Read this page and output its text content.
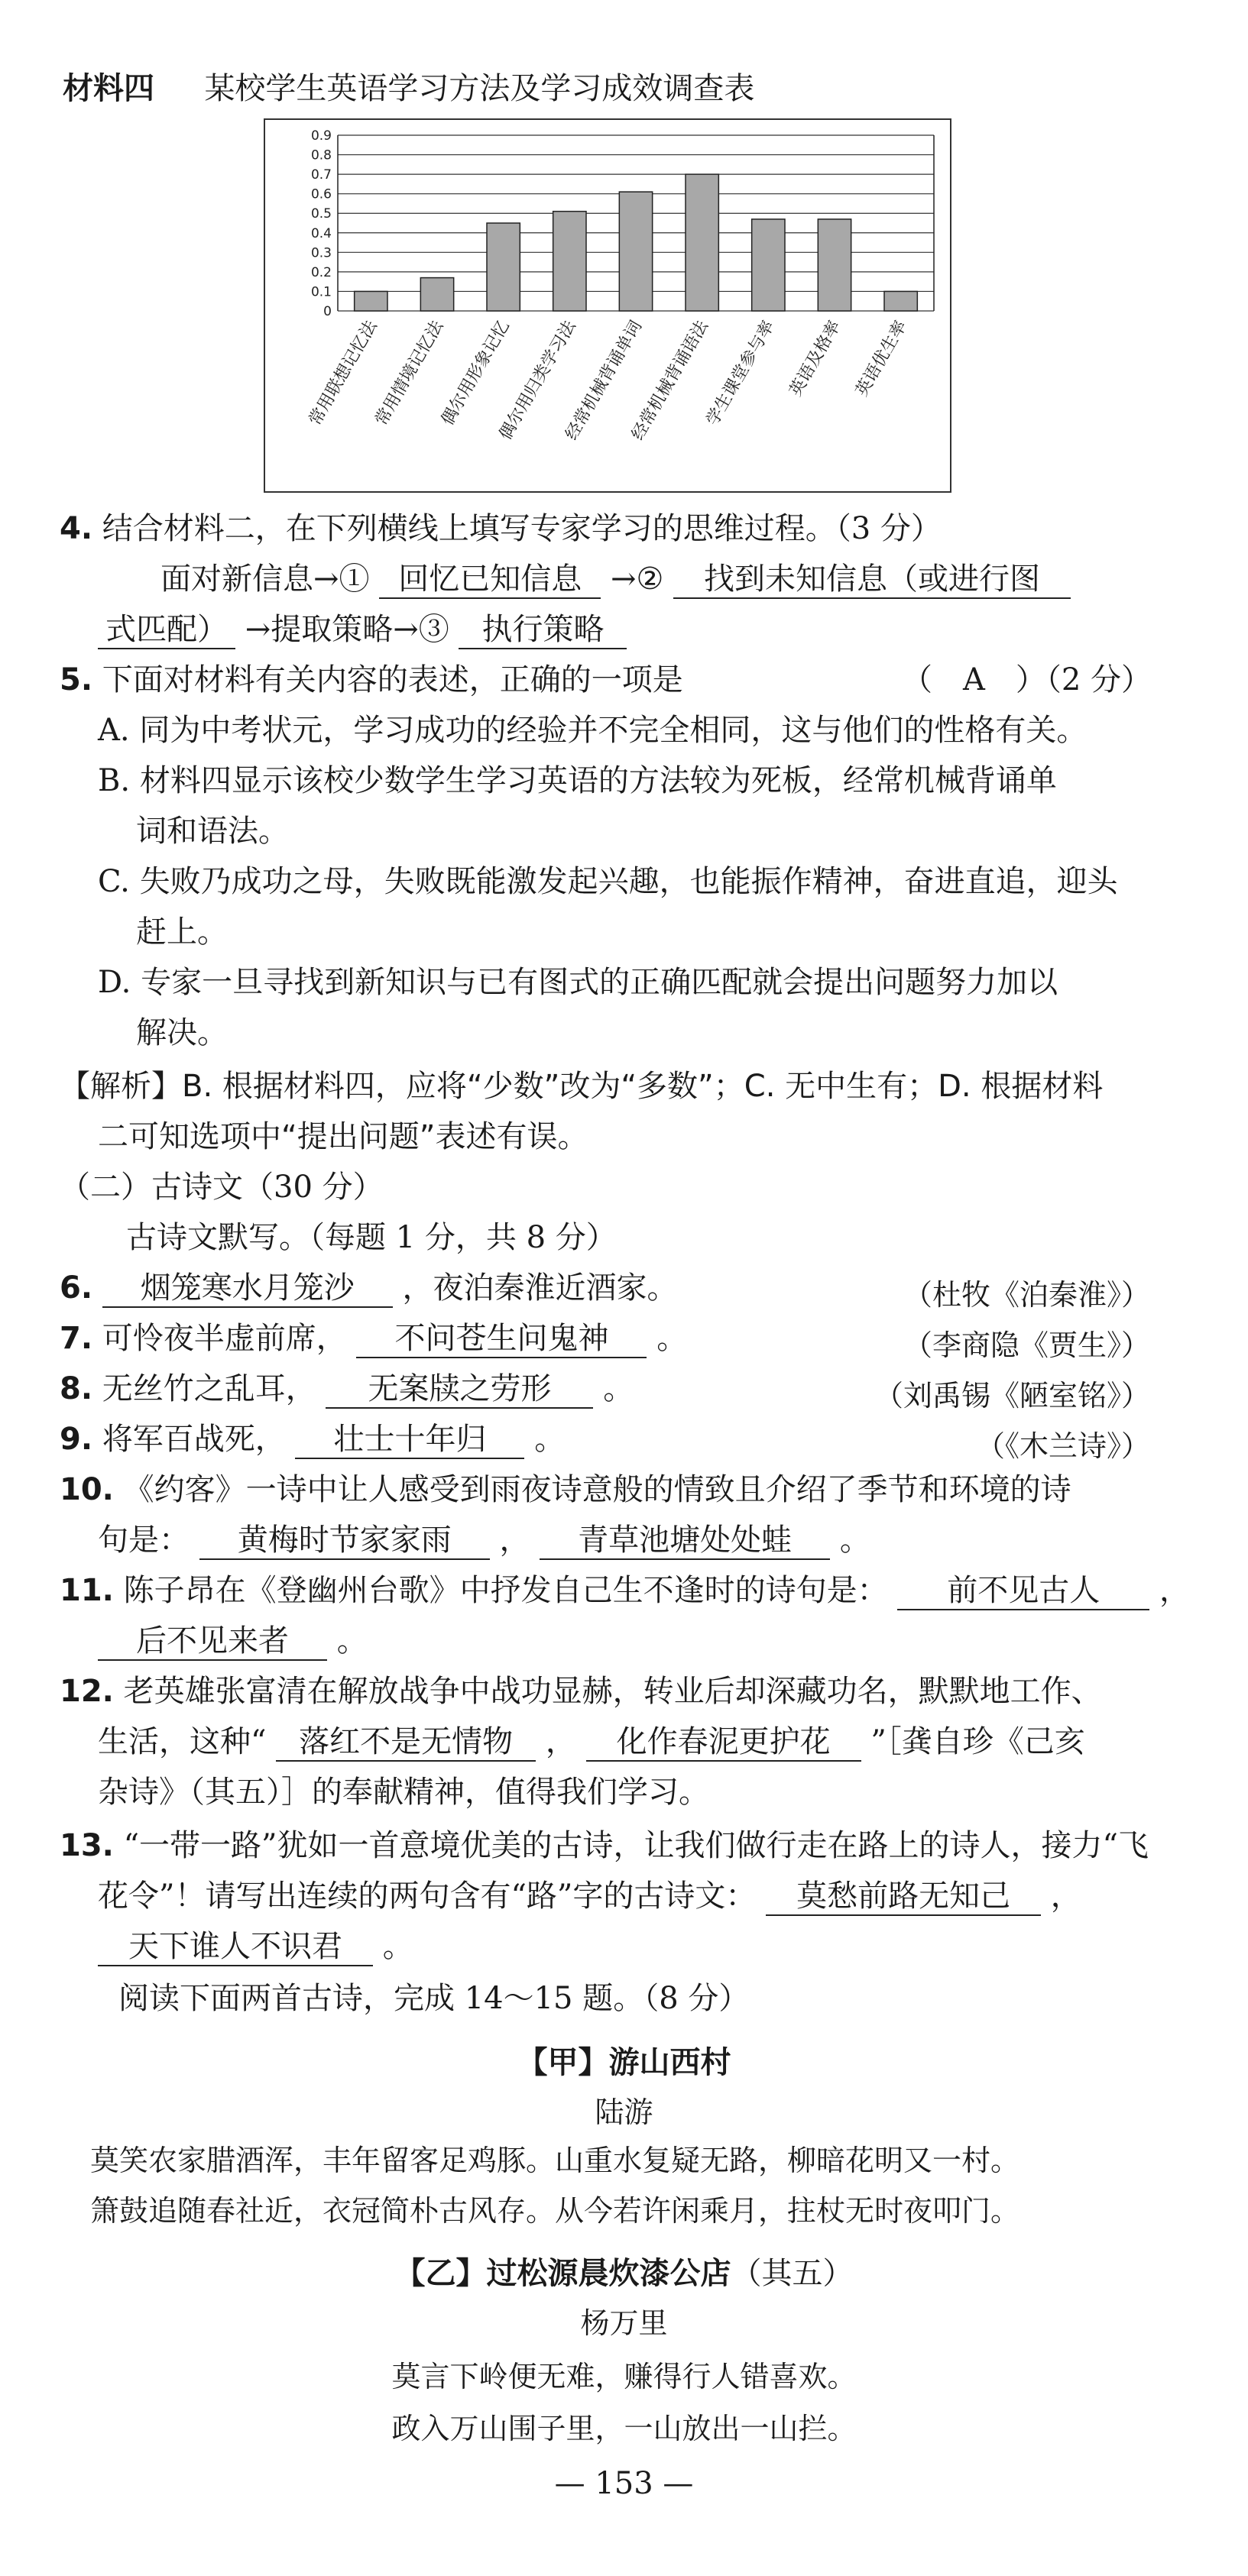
材料四 某校学生英语学习方法及学习成效调查表
0
0.1
0.2
0.3
0.4
0.5
0.6
0.7
0.8
0.9
常用联想记忆法
常用情境记忆法
偶尔用形象记忆
偶尔用归类学习法
经常机械背诵单词
经常机械背诵语法
学生课堂参与率 英语及格率 英语优生率
4. 结合材料二，在下列横线上填写专家学习的思维过程。（3 分）
面对新信息→① 回忆已知信息 →② 找到未知信息（或进行图
式匹配） →提取策略→③ 执行策略
5. 下面对材料有关内容的表述，正确的一项是	（　A　）（2 分）
A. 同为中考状元，学习成功的经验并不完全相同，这与他们的性格有关。
B. 材料四显示该校少数学生学习英语的方法较为死板，经常机械背诵单
词和语法。
C. 失败乃成功之母，失败既能激发起兴趣，也能振作精神，奋进直追，迎头
赶上。
D. 专家一旦寻找到新知识与已有图式的正确匹配就会提出问题努力加以
解决。
【解析】B. 根据材料四，应将“少数”改为“多数”；C. 无中生有；D. 根据材料
二可知选项中“提出问题”表述有误。
（二）古诗文（30 分）
古诗文默写。（每题 1 分，共 8 分）
6. 烟笼寒水月笼沙 ，夜泊秦淮近酒家。	（杜牧《泊秦淮》）
7. 可怜夜半虚前席， 不问苍生问鬼神 。	（李商隐《贾生》）
8. 无丝竹之乱耳， 无案牍之劳形 。	（刘禹锡《陋室铭》）
9. 将军百战死， 壮士十年归 。	（《木兰诗》）
10. 《约客》一诗中让人感受到雨夜诗意般的情致且介绍了季节和环境的诗
句是： 黄梅时节家家雨 ， 青草池塘处处蛙 。
11. 陈子昂在《登幽州台歌》中抒发自己生不逢时的诗句是： 前不见古人 ，
后不见来者 。
12. 老英雄张富清在解放战争中战功显赫，转业后却深藏功名，默默地工作、
生活，这种“ 落红不是无情物 ， 化作春泥更护花 ”［龚自珍《己亥
杂诗》（其五）］的奉献精神，值得我们学习。
13. “一带一路”犹如一首意境优美的古诗，让我们做行走在路上的诗人，接力“飞
花令”！请写出连续的两句含有“路”字的古诗文： 莫愁前路无知己 ，
天下谁人不识君 。
阅读下面两首古诗，完成 14～15 题。（8 分）
【甲】游山西村
陆游
莫笑农家腊酒浑，丰年留客足鸡豚。山重水复疑无路，柳暗花明又一村。
箫鼓追随春社近，衣冠简朴古风存。从今若许闲乘月，拄杖无时夜叩门。
【乙】过松源晨炊漆公店（其五）
杨万里
莫言下岭便无难，赚得行人错喜欢。
政入万山围子里，一山放出一山拦。
— 153 —
